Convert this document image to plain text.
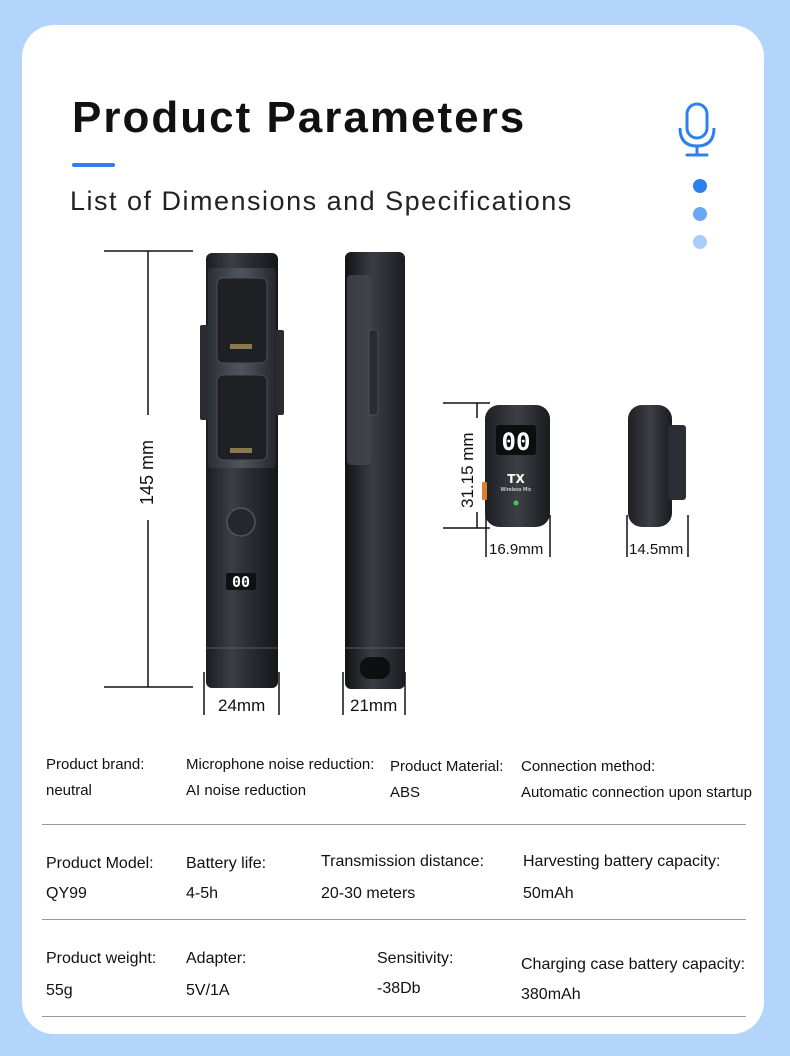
Product Parameters
List of Dimensions and Specifications
00
00
TX
Wireless Mic
145 mm
24mm	21mm
31.15 mm
16.9mm	14.5mm
Product brand:
neutral
Microphone noise reduction:
AI noise reduction
Product Material:
ABS
Connection method:
Automatic connection upon startup
Product Model:
QY99
Battery life:
4-5h
Transmission distance:
20-30 meters
Harvesting battery capacity:
50mAh
Product weight:
55g
Adapter:
5V/1A
Sensitivity:
-38Db
Charging case battery capacity:
380mAh
